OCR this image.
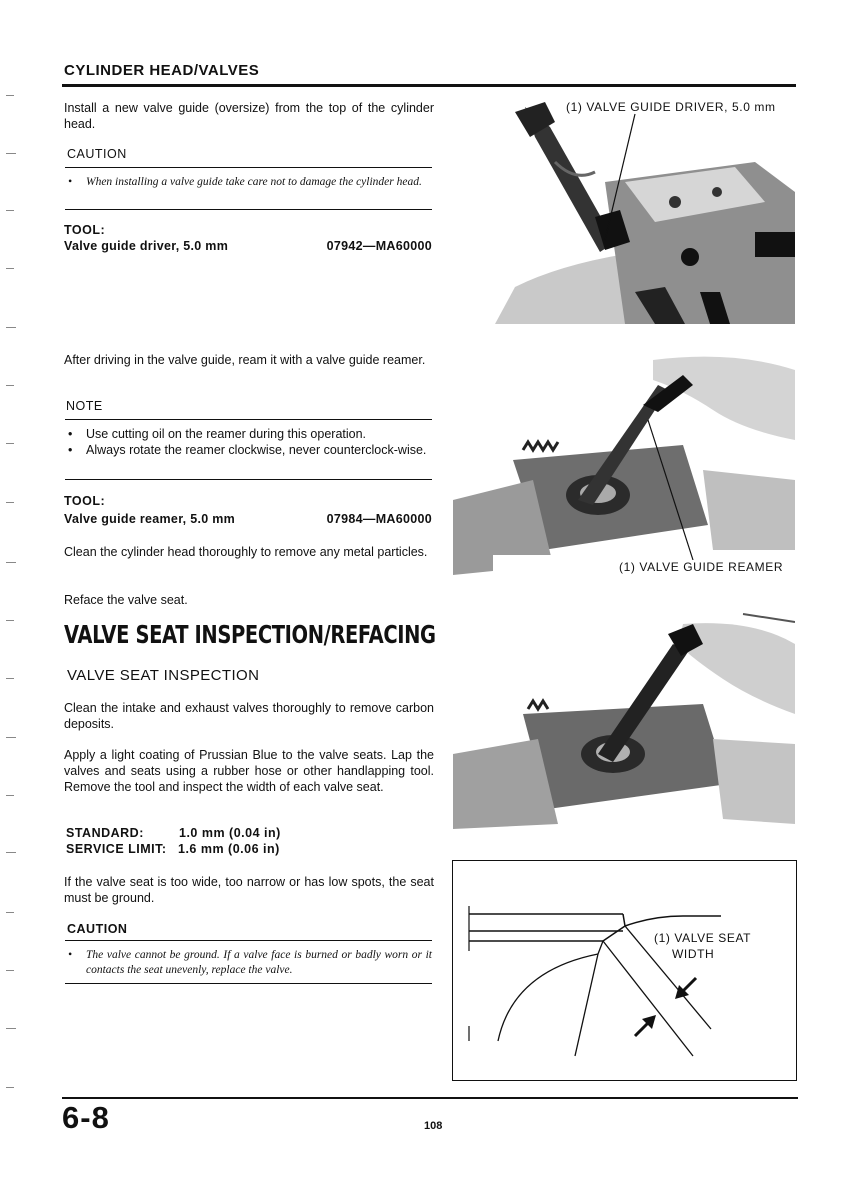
CYLINDER HEAD/VALVES
Install a new valve guide (oversize) from the top of the cylinder head.
CAUTION
•	When installing a valve guide take care not to damage the cylinder head.
TOOL:
Valve guide driver, 5.0 mm	07942—MA60000
After driving in the valve guide, ream it with a valve guide reamer.
NOTE
•	Use cutting oil on the reamer during this operation.
•	Always rotate the reamer clockwise, never counterclock-wise.
TOOL:
Valve guide reamer, 5.0 mm	07984—MA60000
Clean the cylinder head thoroughly to remove any metal particles.
Reface the valve seat.
VALVE SEAT INSPECTION/REFACING
VALVE SEAT INSPECTION
Clean the intake and exhaust valves thoroughly to remove carbon deposits.
Apply a light coating of Prussian Blue to the valve seats. Lap the valves and seats using a rubber hose or other handlapping tool. Remove the tool and inspect the width of each valve seat.
STANDARD:	1.0 mm (0.04 in)
SERVICE LIMIT: 1.6 mm (0.06 in)
If the valve seat is too wide, too narrow or has low spots, the seat must be ground.
CAUTION
•	The valve cannot be ground. If a valve face is burned or badly worn or it contacts the seat unevenly, replace the valve.
(1) VALVE GUIDE DRIVER, 5.0 mm
(1) VALVE GUIDE REAMER
(1) VALVE SEAT
WIDTH
6-8	108
